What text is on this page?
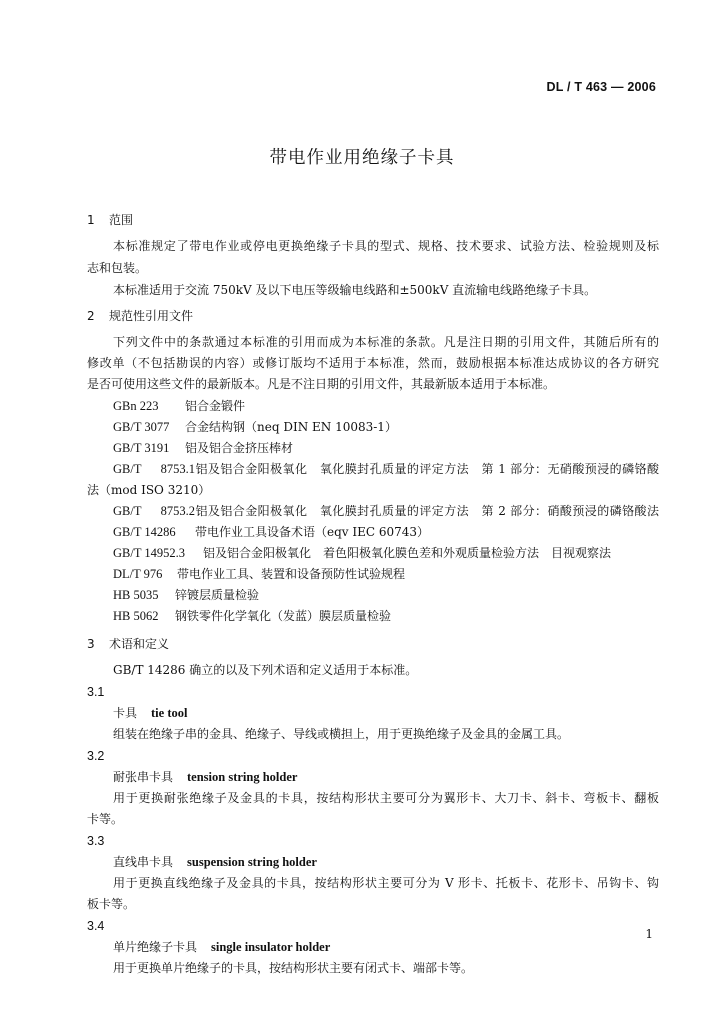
DL / T 463 — 2006
带电作业用绝缘子卡具
1 范围
本标准规定了带电作业或停电更换绝缘子卡具的型式、规格、技术要求、试验方法、检验规则及标
志和包装。
本标准适用于交流 750kV 及以下电压等级输电线路和±500kV 直流输电线路绝缘子卡具。
2 规范性引用文件
下列文件中的条款通过本标准的引用而成为本标准的条款。凡是注日期的引用文件，其随后所有的
修改单（不包括勘误的内容）或修订版均不适用于本标准，然而，鼓励根据本标准达成协议的各方研究
是否可使用这些文件的最新版本。凡是不注日期的引用文件，其最新版本适用于本标准。
GBn 223 铝合金锻件
GB/T 3077 合金结构钢（neq DIN EN 10083-1）
GB/T 3191 铝及铝合金挤压棒材
GB/T 8753.1铝及铝合金阳极氧化　氧化膜封孔质量的评定方法　第 1 部分：无硝酸预浸的磷铬酸
法（mod ISO 3210）
GB/T 8753.2铝及铝合金阳极氧化　氧化膜封孔质量的评定方法　第 2 部分：硝酸预浸的磷铬酸法
GB/T 14286 带电作业工具设备术语（eqv IEC 60743）
GB/T 14952.3 铝及铝合金阳极氧化　着色阳极氧化膜色差和外观质量检验方法　目视观察法
DL/T 976 带电作业工具、装置和设备预防性试验规程
HB 5035 锌镀层质量检验
HB 5062 钢铁零件化学氧化（发蓝）膜层质量检验
3 术语和定义
GB/T 14286 确立的以及下列术语和定义适用于本标准。
3.1
卡具 tie tool
组装在绝缘子串的金具、绝缘子、导线或横担上，用于更换绝缘子及金具的金属工具。
3.2
耐张串卡具 tension string holder
用于更换耐张绝缘子及金具的卡具，按结构形状主要可分为翼形卡、大刀卡、斜卡、弯板卡、翻板
卡等。
3.3
直线串卡具 suspension string holder
用于更换直线绝缘子及金具的卡具，按结构形状主要可分为 V 形卡、托板卡、花形卡、吊钩卡、钩
板卡等。
3.4
单片绝缘子卡具 single insulator holder
用于更换单片绝缘子的卡具，按结构形状主要有闭式卡、端部卡等。
1
